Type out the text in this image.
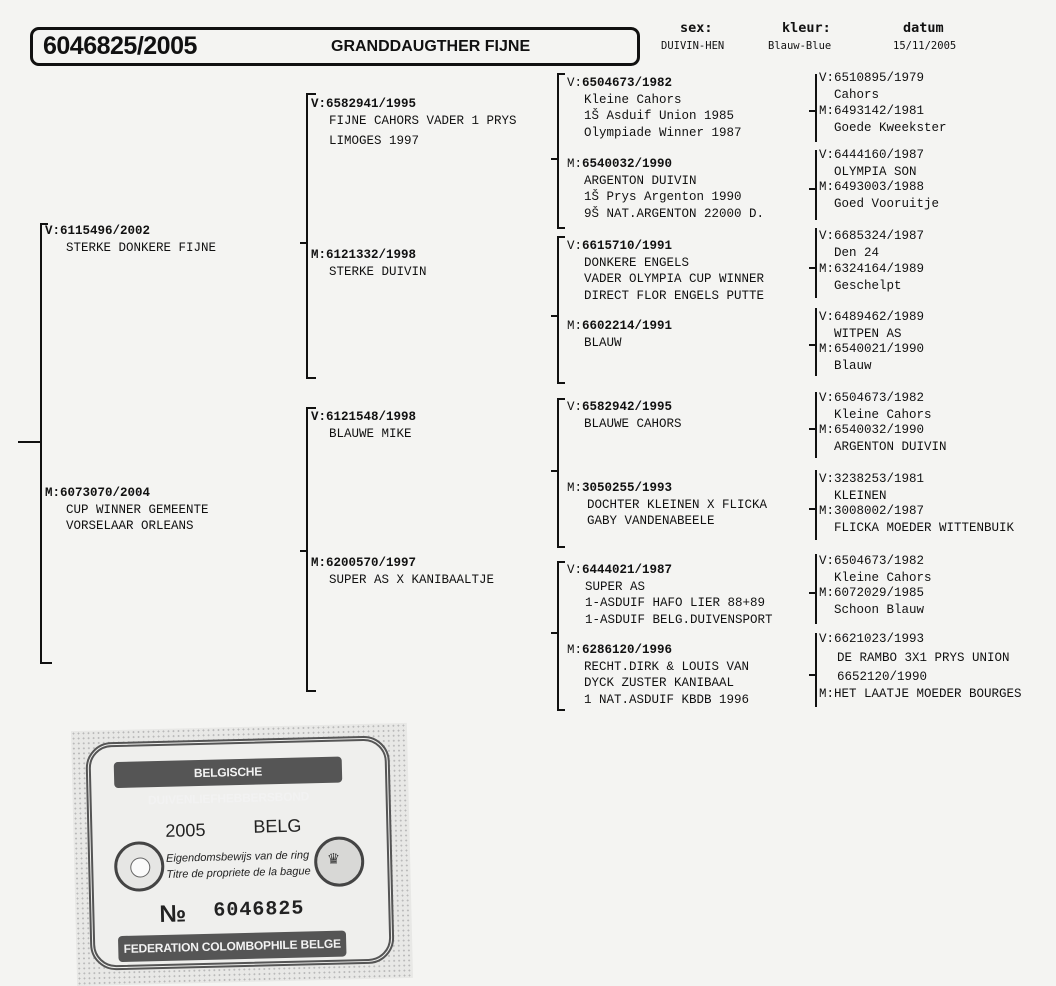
6046825/2005	GRANDDAUGTHER FIJNE
sex:
DUIVIN-HEN
kleur:
Blauw-Blue
datum
15/11/2005
V:6115496/2002
STERKE DONKERE FIJNE
M:6073070/2004
CUP WINNER GEMEENTE
VORSELAAR ORLEANS
V:6582941/1995
FIJNE CAHORS VADER 1 PRYS
LIMOGES 1997
M:6121332/1998
STERKE DUIVIN
V:6121548/1998
BLAUWE MIKE
M:6200570/1997
SUPER AS X KANIBAALTJE
V:6504673/1982
Kleine Cahors
1Š Asduif Union 1985
Olympiade Winner 1987
M:6540032/1990
ARGENTON DUIVIN
1Š Prys Argenton 1990
9Š NAT.ARGENTON 22000 D.
V:6615710/1991
DONKERE ENGELS
VADER OLYMPIA CUP WINNER
DIRECT FLOR ENGELS PUTTE
M:6602214/1991
BLAUW
V:6582942/1995
BLAUWE CAHORS
M:3050255/1993
DOCHTER KLEINEN X FLICKA
GABY VANDENABEELE
V:6444021/1987
SUPER AS
1-ASDUIF HAFO LIER 88+89
1-ASDUIF BELG.DUIVENSPORT
M:6286120/1996
RECHT.DIRK & LOUIS VAN
DYCK ZUSTER KANIBAAL
1 NAT.ASDUIF KBDB 1996
V:6510895/1979
Cahors
M:6493142/1981
Goede Kweekster
V:6444160/1987
OLYMPIA SON
M:6493003/1988
Goed Vooruitje
V:6685324/1987
Den 24
M:6324164/1989
Geschelpt
V:6489462/1989
WITPEN AS
M:6540021/1990
Blauw
V:6504673/1982
Kleine Cahors
M:6540032/1990
ARGENTON DUIVIN
V:3238253/1981
KLEINEN
M:3008002/1987
FLICKA MOEDER WITTENBUIK
V:6504673/1982
Kleine Cahors
M:6072029/1985
Schoon Blauw
V:6621023/1993
DE RAMBO 3X1 PRYS UNION
6652120/1990
M:HET LAATJE MOEDER BOURGES
BELGISCHE DUIVENLIEFHEBBERSBOND
2005	BELG
♛
Eigendomsbewijs van de ring
Titre de propriete de la bague
№ 6046825
FEDERATION COLOMBOPHILE BELGE
